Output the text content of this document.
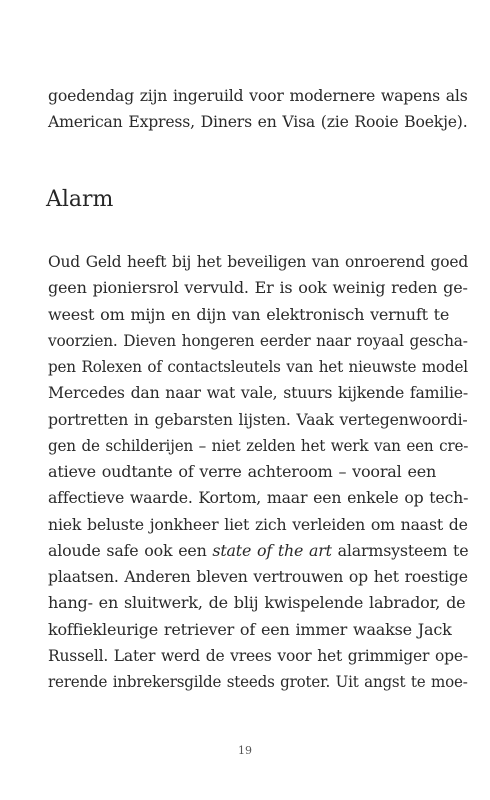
goedendag zijn ingeruild voor modernere wapens als
American Express, Diners en Visa (zie Rooie Boekje).
Alarm
Oud Geld heeft bij het beveiligen van onroerend goed
geen pioniersrol vervuld. Er is ook weinig reden ge-
weest om mijn en dijn van elektronisch vernuft te
voorzien. Dieven hongeren eerder naar royaal gescha-
pen Rolexen of contactsleutels van het nieuwste model
Mercedes dan naar wat vale, stuurs kijkende familie-
portretten in gebarsten lijsten. Vaak vertegenwoordi-
gen de schilderijen – niet zelden het werk van een cre-
atieve oudtante of verre achteroom – vooral een
affectieve waarde. Kortom, maar een enkele op tech-
niek beluste jonkheer liet zich verleiden om naast de
aloude safe ook een state of the art alarmsysteem te
plaatsen. Anderen bleven vertrouwen op het roestige
hang- en sluitwerk, de blij kwispelende labrador, de
koffiekleurige retriever of een immer waakse Jack
Russell. Later werd de vrees voor het grimmiger ope-
rerende inbrekersgilde steeds groter. Uit angst te moe-
19
